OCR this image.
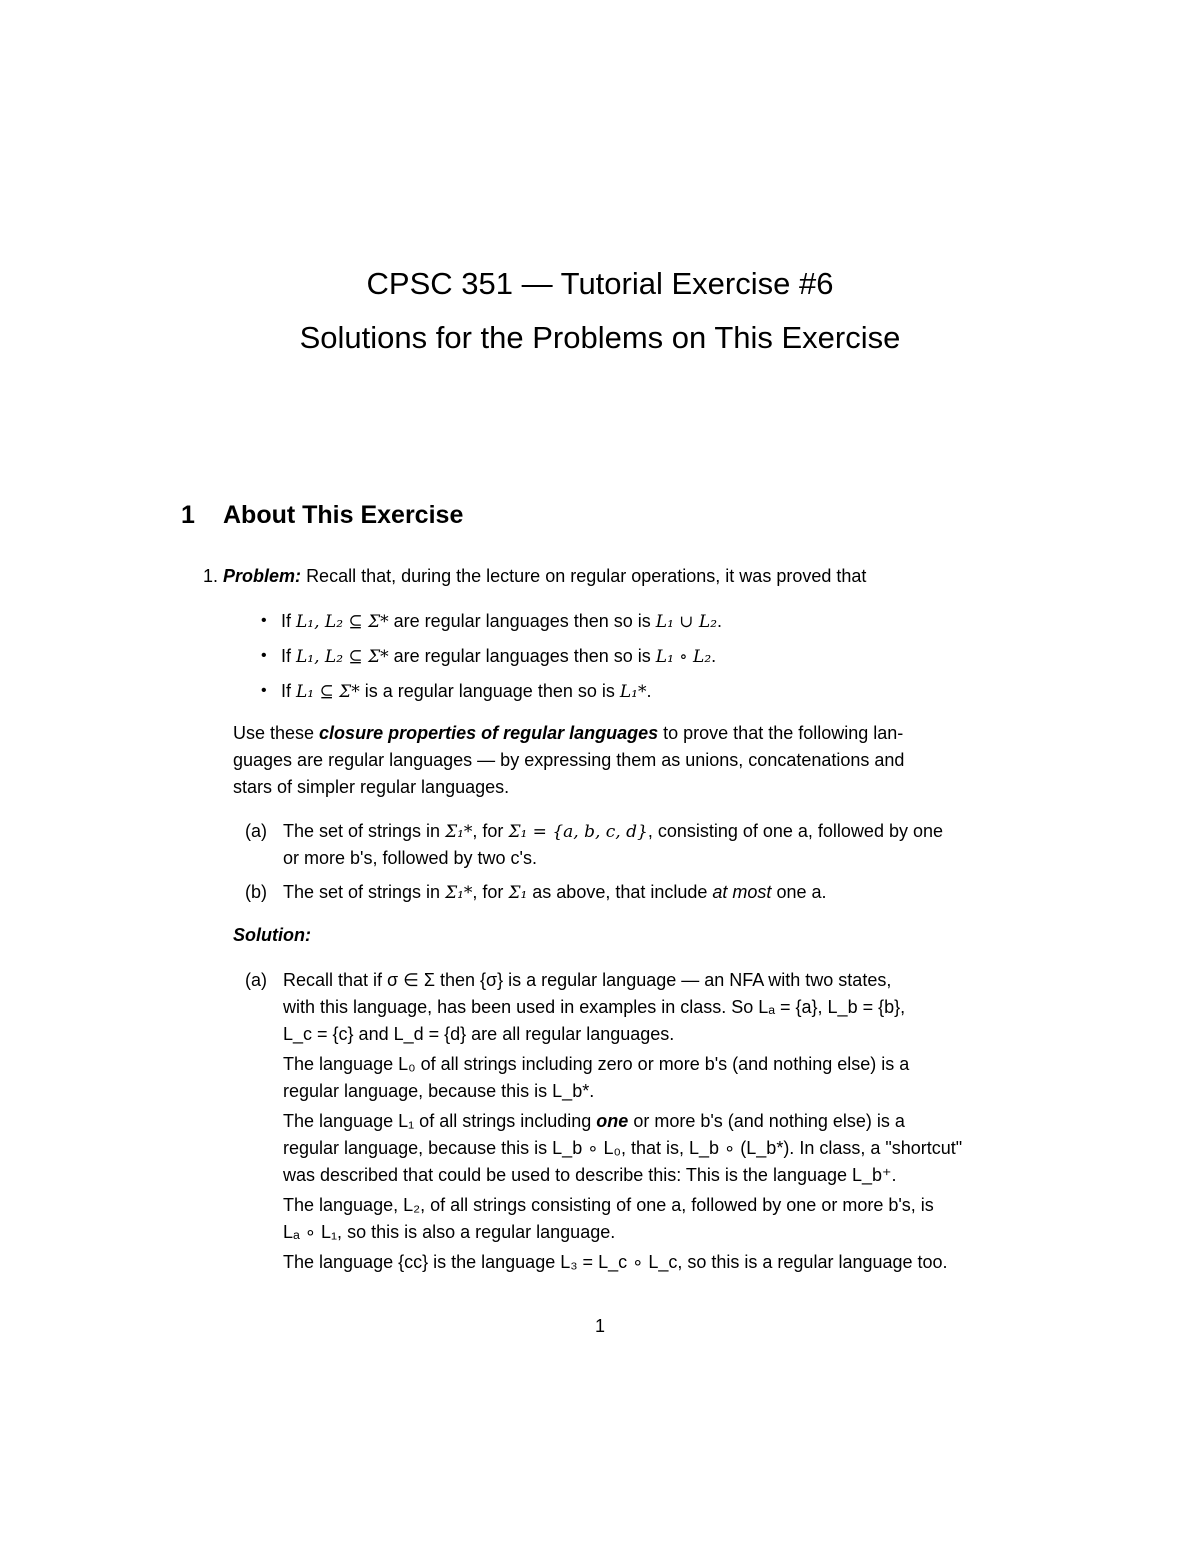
CPSC 351 — Tutorial Exercise #6
Solutions for the Problems on This Exercise
1 About This Exercise
1. Problem: Recall that, during the lecture on regular operations, it was proved that
• If L₁, L₂ ⊆ Σ* are regular languages then so is L₁ ∪ L₂.
• If L₁, L₂ ⊆ Σ* are regular languages then so is L₁ ∘ L₂.
• If L₁ ⊆ Σ* is a regular language then so is L₁*.
Use these closure properties of regular languages to prove that the following lan-
guages are regular languages — by expressing them as unions, concatenations and
stars of simpler regular languages.
(a) The set of strings in Σ₁*, for Σ₁ = {a, b, c, d}, consisting of one a, followed by one
or more b's, followed by two c's.
(b) The set of strings in Σ₁*, for Σ₁ as above, that include at most one a.
Solution:
(a) Recall that if σ ∈ Σ then {σ} is a regular language — an NFA with two states,
with this language, has been used in examples in class. So Lₐ = {a}, L_b = {b},
L_c = {c} and L_d = {d} are all regular languages.
The language L₀ of all strings including zero or more b's (and nothing else) is a
regular language, because this is L_b*.
The language L₁ of all strings including one or more b's (and nothing else) is a
regular language, because this is L_b ∘ L₀, that is, L_b ∘ (L_b*). In class, a "shortcut"
was described that could be used to describe this: This is the language L_b⁺.
The language, L₂, of all strings consisting of one a, followed by one or more b's, is
Lₐ ∘ L₁, so this is also a regular language.
The language {cc} is the language L₃ = L_c ∘ L_c, so this is a regular language too.
1
